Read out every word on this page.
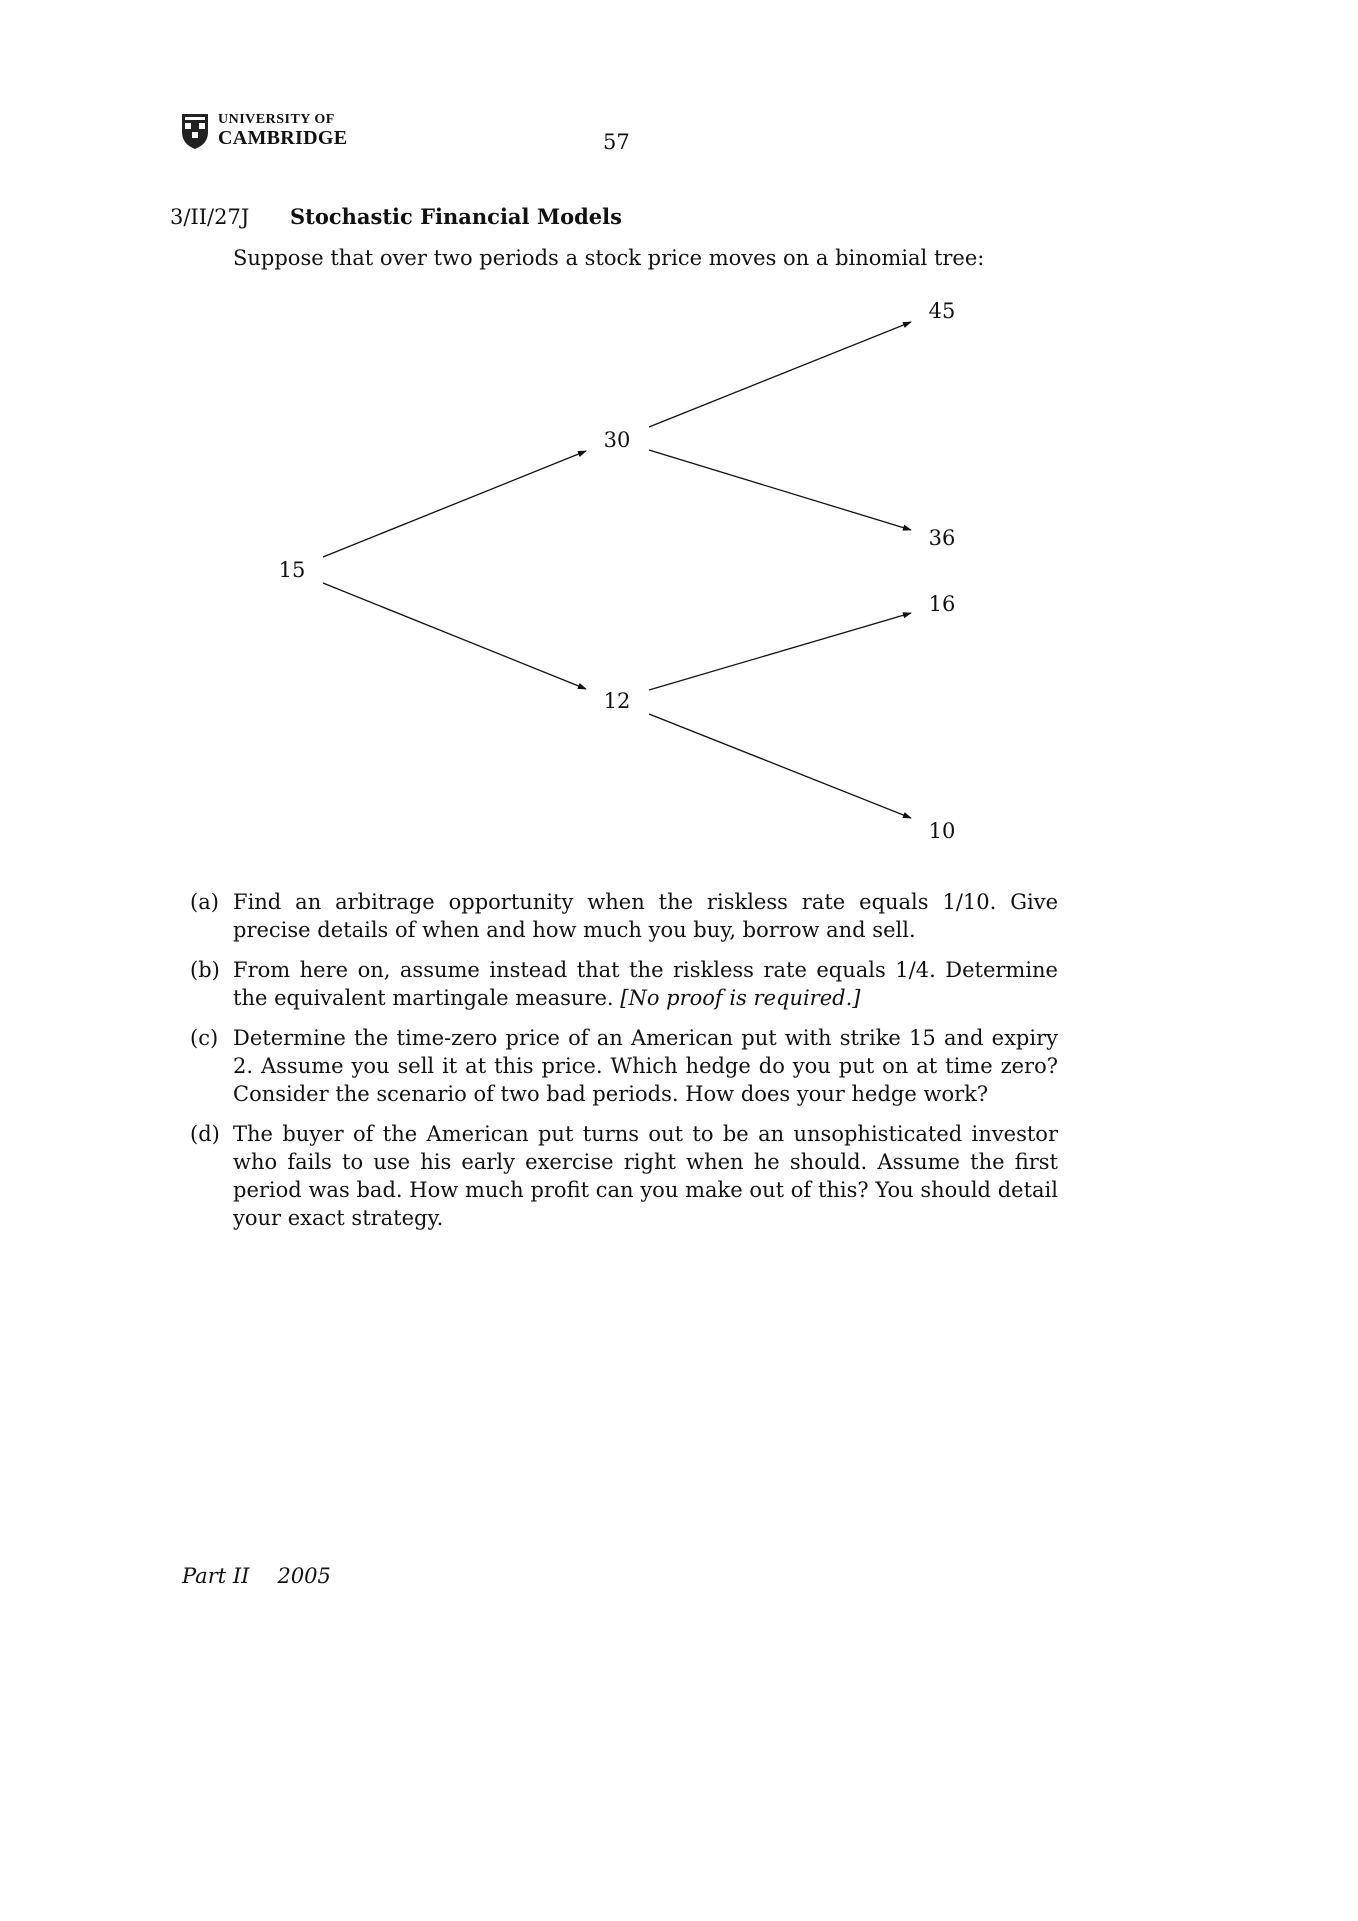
UNIVERSITY OF
CAMBRIDGE	57
3/II/27J Stochastic Financial Models
Suppose that over two periods a stock price moves on a binomial tree:
15
30
12
45
36
16
10
(a) Find an arbitrage opportunity when the riskless rate equals 1/10. Give precise details of when and how much you buy, borrow and sell.
(b) From here on, assume instead that the riskless rate equals 1/4. Determine the equivalent martingale measure. [No proof is required.]
(c) Determine the time-zero price of an American put with strike 15 and expiry 2. Assume you sell it at this price. Which hedge do you put on at time zero? Consider the scenario of two bad periods. How does your hedge work?
(d) The buyer of the American put turns out to be an unsophisticated investor who fails to use his early exercise right when he should. Assume the first period was bad. How much profit can you make out of this? You should detail your exact strategy.
Part II 2005
